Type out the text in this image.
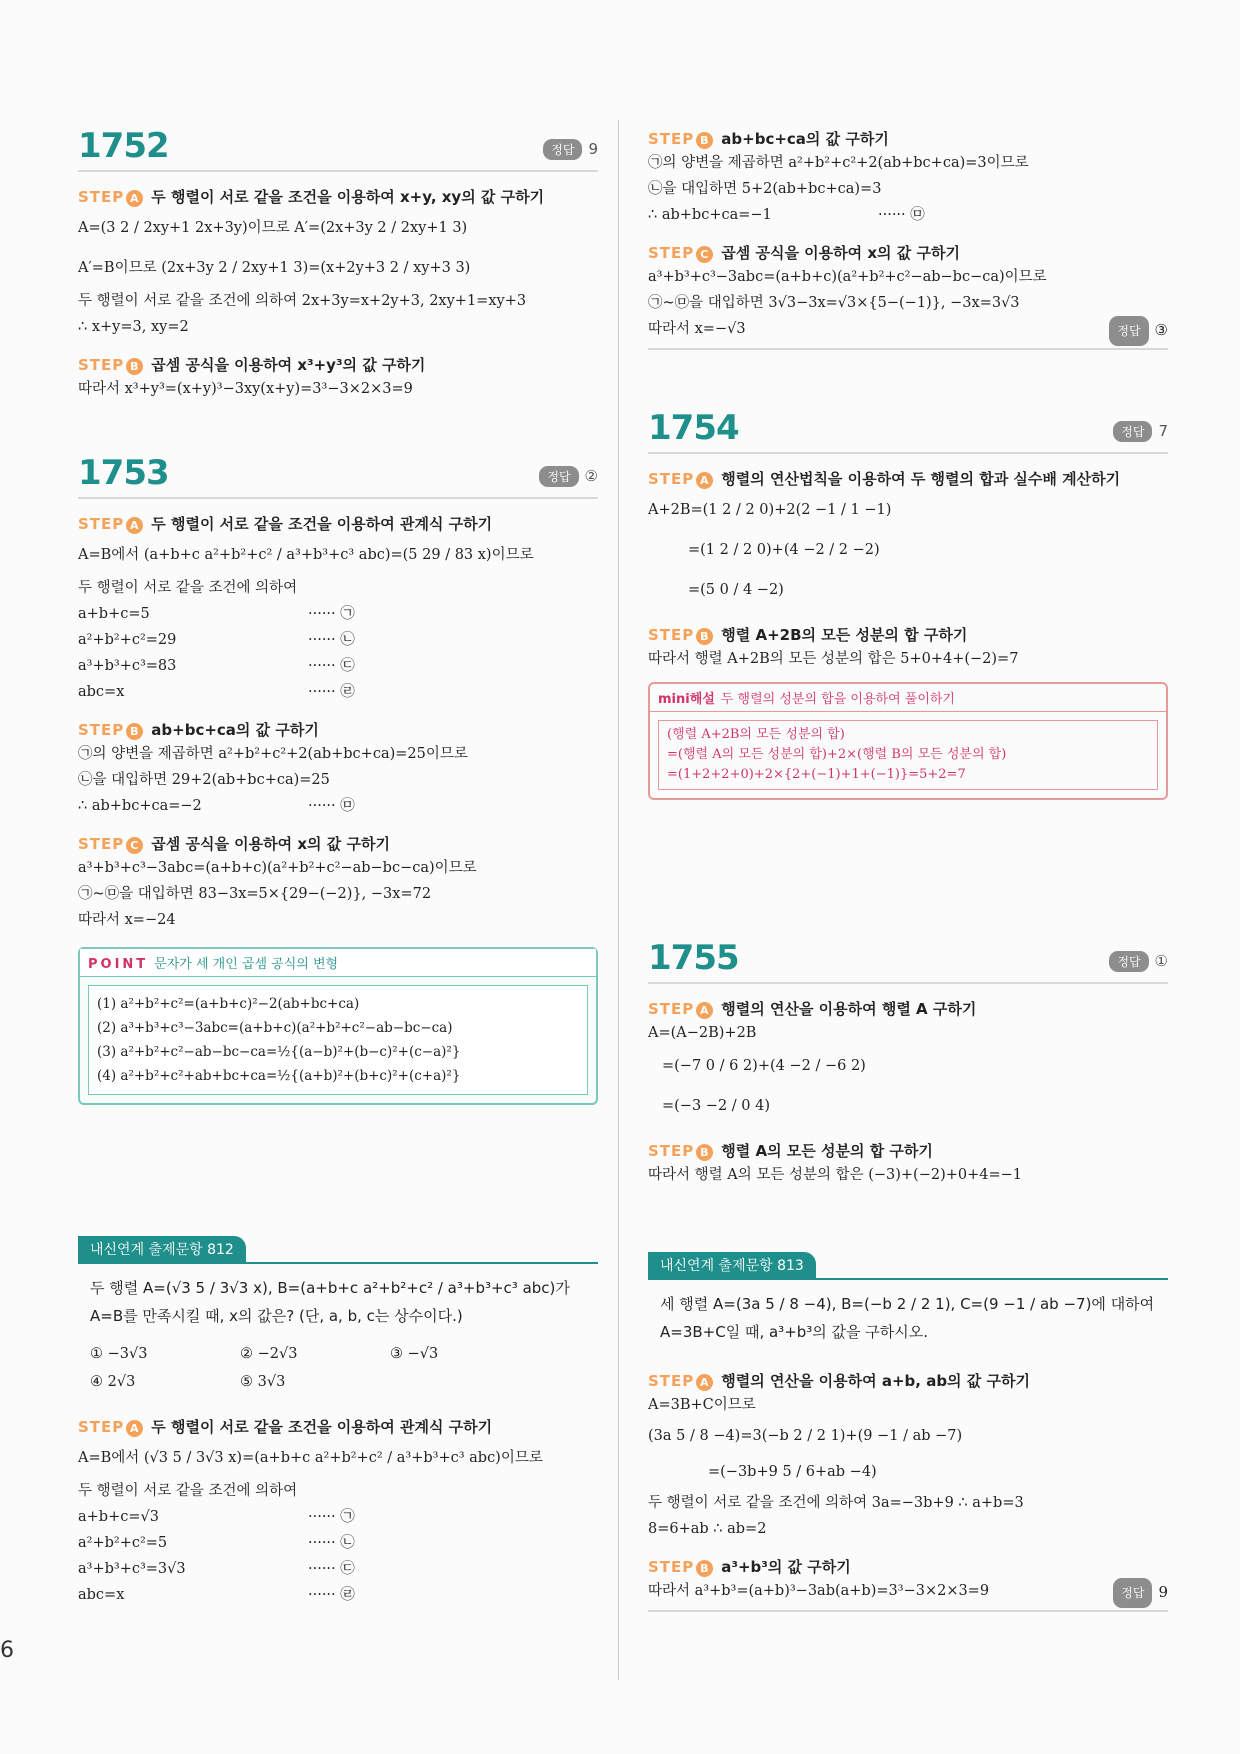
6
1752	정답 9
STEP A 두 행렬이 서로 같을 조건을 이용하여 x+y, xy의 값 구하기
A=(3 2 / 2xy+1 2x+3y)이므로 A′=(2x+3y 2 / 2xy+1 3)
A′=B이므로 (2x+3y 2 / 2xy+1 3)=(x+2y+3 2 / xy+3 3)
두 행렬이 서로 같을 조건에 의하여 2x+3y=x+2y+3, 2xy+1=xy+3
∴ x+y=3, xy=2
STEP B 곱셈 공식을 이용하여 x³+y³의 값 구하기
따라서 x³+y³=(x+y)³−3xy(x+y)=3³−3×2×3=9
1753	정답 ②
STEP A 두 행렬이 서로 같을 조건을 이용하여 관계식 구하기
A=B에서 (a+b+c a²+b²+c² / a³+b³+c³ abc)=(5 29 / 83 x)이므로
두 행렬이 서로 같을 조건에 의하여
a+b+c=5	······ ㉠
a²+b²+c²=29	······ ㉡
a³+b³+c³=83	······ ㉢
abc=x	······ ㉣
STEP B ab+bc+ca의 값 구하기
㉠의 양변을 제곱하면 a²+b²+c²+2(ab+bc+ca)=25이므로
㉡을 대입하면 29+2(ab+bc+ca)=25
∴ ab+bc+ca=−2	······ ㉤
STEP C 곱셈 공식을 이용하여 x의 값 구하기
a³+b³+c³−3abc=(a+b+c)(a²+b²+c²−ab−bc−ca)이므로
㉠~㉤을 대입하면 83−3x=5×{29−(−2)}, −3x=72
따라서 x=−24
POINT 문자가 세 개인 곱셈 공식의 변형
(1) a²+b²+c²=(a+b+c)²−2(ab+bc+ca)
(2) a³+b³+c³−3abc=(a+b+c)(a²+b²+c²−ab−bc−ca)
(3) a²+b²+c²−ab−bc−ca=½{(a−b)²+(b−c)²+(c−a)²}
(4) a²+b²+c²+ab+bc+ca=½{(a+b)²+(b+c)²+(c+a)²}
내신연계 출제문항 812
두 행렬 A=(√3 5 / 3√3 x), B=(a+b+c a²+b²+c² / a³+b³+c³ abc)가 A=B를 만족시킬 때, x의 값은? (단, a, b, c는 상수이다.)
① −3√3	② −2√3	③ −√3
④ 2√3	⑤ 3√3
STEP A 두 행렬이 서로 같을 조건을 이용하여 관계식 구하기
A=B에서 (√3 5 / 3√3 x)=(a+b+c a²+b²+c² / a³+b³+c³ abc)이므로
두 행렬이 서로 같을 조건에 의하여
a+b+c=√3	······ ㉠
a²+b²+c²=5	······ ㉡
a³+b³+c³=3√3	······ ㉢
abc=x	······ ㉣
STEP B ab+bc+ca의 값 구하기
㉠의 양변을 제곱하면 a²+b²+c²+2(ab+bc+ca)=3이므로
㉡을 대입하면 5+2(ab+bc+ca)=3
∴ ab+bc+ca=−1	······ ㉤
STEP C 곱셈 공식을 이용하여 x의 값 구하기
a³+b³+c³−3abc=(a+b+c)(a²+b²+c²−ab−bc−ca)이므로
㉠~㉤을 대입하면 3√3−3x=√3×{5−(−1)}, −3x=3√3
따라서 x=−√3	정답 ③
1754	정답 7
STEP A 행렬의 연산법칙을 이용하여 두 행렬의 합과 실수배 계산하기
A+2B=(1 2 / 2 0)+2(2 −1 / 1 −1)
=(1 2 / 2 0)+(4 −2 / 2 −2)
=(5 0 / 4 −2)
STEP B 행렬 A+2B의 모든 성분의 합 구하기
따라서 행렬 A+2B의 모든 성분의 합은 5+0+4+(−2)=7
mini해설 두 행렬의 성분의 합을 이용하여 풀이하기
(행렬 A+2B의 모든 성분의 합)
=(행렬 A의 모든 성분의 합)+2×(행렬 B의 모든 성분의 합)
=(1+2+2+0)+2×{2+(−1)+1+(−1)}=5+2=7
1755	정답 ①
STEP A 행렬의 연산을 이용하여 행렬 A 구하기
A=(A−2B)+2B
=(−7 0 / 6 2)+(4 −2 / −6 2)
=(−3 −2 / 0 4)
STEP B 행렬 A의 모든 성분의 합 구하기
따라서 행렬 A의 모든 성분의 합은 (−3)+(−2)+0+4=−1
내신연계 출제문항 813
세 행렬 A=(3a 5 / 8 −4), B=(−b 2 / 2 1), C=(9 −1 / ab −7)에 대하여 A=3B+C일 때, a³+b³의 값을 구하시오.
STEP A 행렬의 연산을 이용하여 a+b, ab의 값 구하기
A=3B+C이므로
(3a 5 / 8 −4)=3(−b 2 / 2 1)+(9 −1 / ab −7)
=(−3b+9 5 / 6+ab −4)
두 행렬이 서로 같을 조건에 의하여 3a=−3b+9 ∴ a+b=3
8=6+ab ∴ ab=2
STEP B a³+b³의 값 구하기
따라서 a³+b³=(a+b)³−3ab(a+b)=3³−3×2×3=9	정답 9
